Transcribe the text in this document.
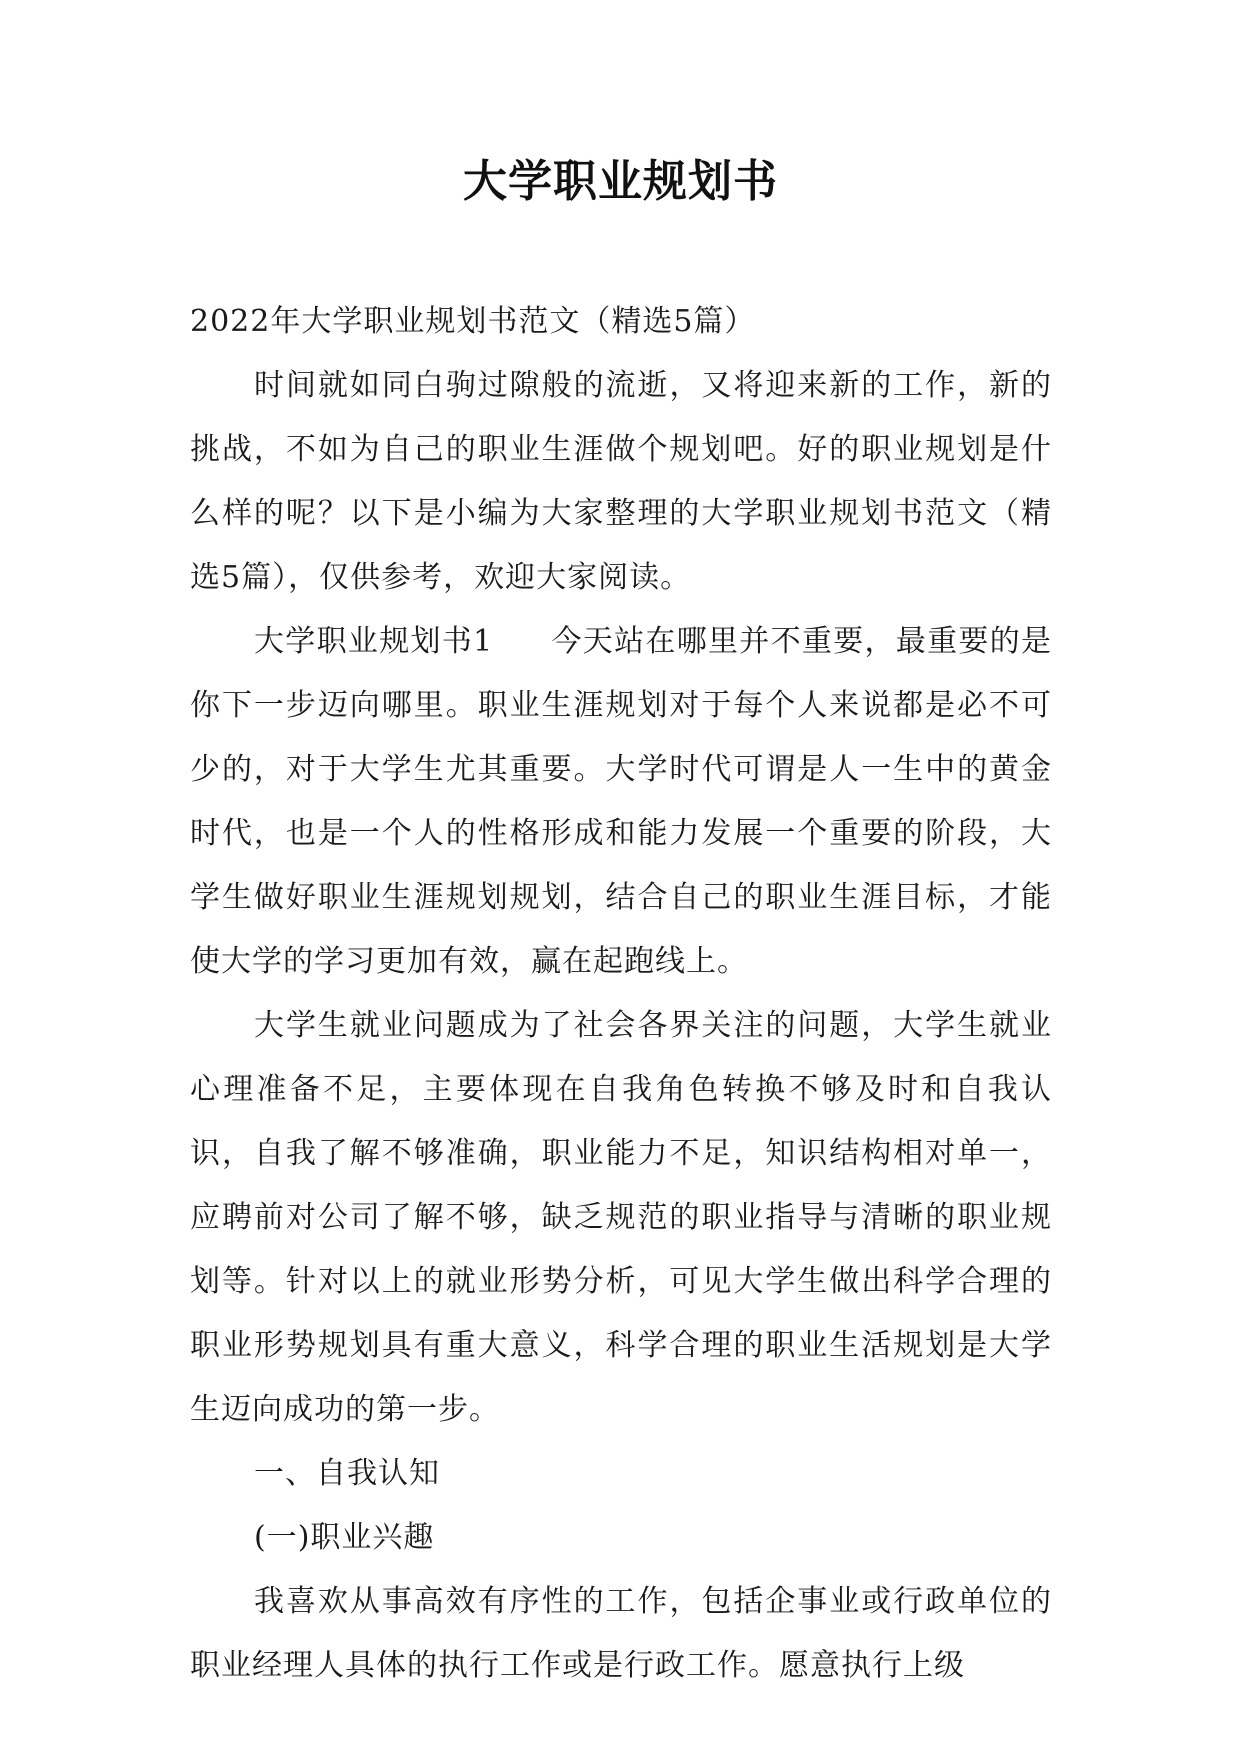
大学职业规划书

2022年大学职业规划书范文（精选5篇）

时间就如同白驹过隙般的流逝，又将迎来新的工作，新的挑战，不如为自己的职业生涯做个规划吧。好的职业规划是什么样的呢？以下是小编为大家整理的大学职业规划书范文（精选5篇），仅供参考，欢迎大家阅读。

大学职业规划书1 今天站在哪里并不重要，最重要的是你下一步迈向哪里。职业生涯规划对于每个人来说都是必不可少的，对于大学生尤其重要。大学时代可谓是人一生中的黄金时代，也是一个人的性格形成和能力发展一个重要的阶段，大学生做好职业生涯规划规划，结合自己的职业生涯目标，才能使大学的学习更加有效，赢在起跑线上。

大学生就业问题成为了社会各界关注的问题，大学生就业心理准备不足，主要体现在自我角色转换不够及时和自我认识，自我了解不够准确，职业能力不足，知识结构相对单一，应聘前对公司了解不够，缺乏规范的职业指导与清晰的职业规划等。针对以上的就业形势分析，可见大学生做出科学合理的职业形势规划具有重大意义，科学合理的职业生活规划是大学生迈向成功的第一步。

一、自我认知

(一)职业兴趣

我喜欢从事高效有序性的工作，包括企事业或行政单位的职业经理人具体的执行工作或是行政工作。愿意执行上级
